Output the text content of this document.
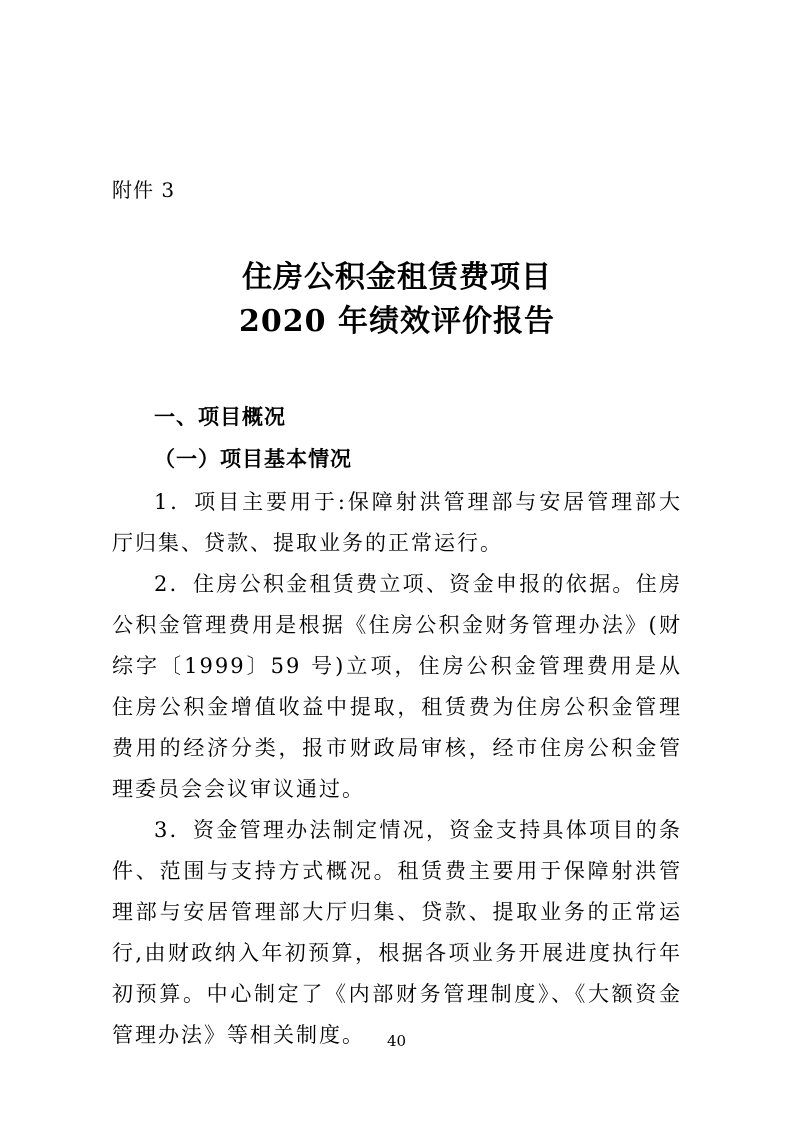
附件 3
住房公积金租赁费项目
2020 年绩效评价报告
一、项目概况
（一）项目基本情况

1．项目主要用于:保障射洪管理部与安居管理部大厅归集、贷款、提取业务的正常运行。

2．住房公积金租赁费立项、资金申报的依据。住房公积金管理费用是根据《住房公积金财务管理办法》(财综字〔1999〕59 号)立项，住房公积金管理费用是从住房公积金增值收益中提取，租赁费为住房公积金管理费用的经济分类，报市财政局审核，经市住房公积金管理委员会会议审议通过。

3．资金管理办法制定情况，资金支持具体项目的条件、范围与支持方式概况。租赁费主要用于保障射洪管理部与安居管理部大厅归集、贷款、提取业务的正常运行,由财政纳入年初预算，根据各项业务开展进度执行年初预算。中心制定了《内部财务管理制度》、《大额资金管理办法》等相关制度。	40
